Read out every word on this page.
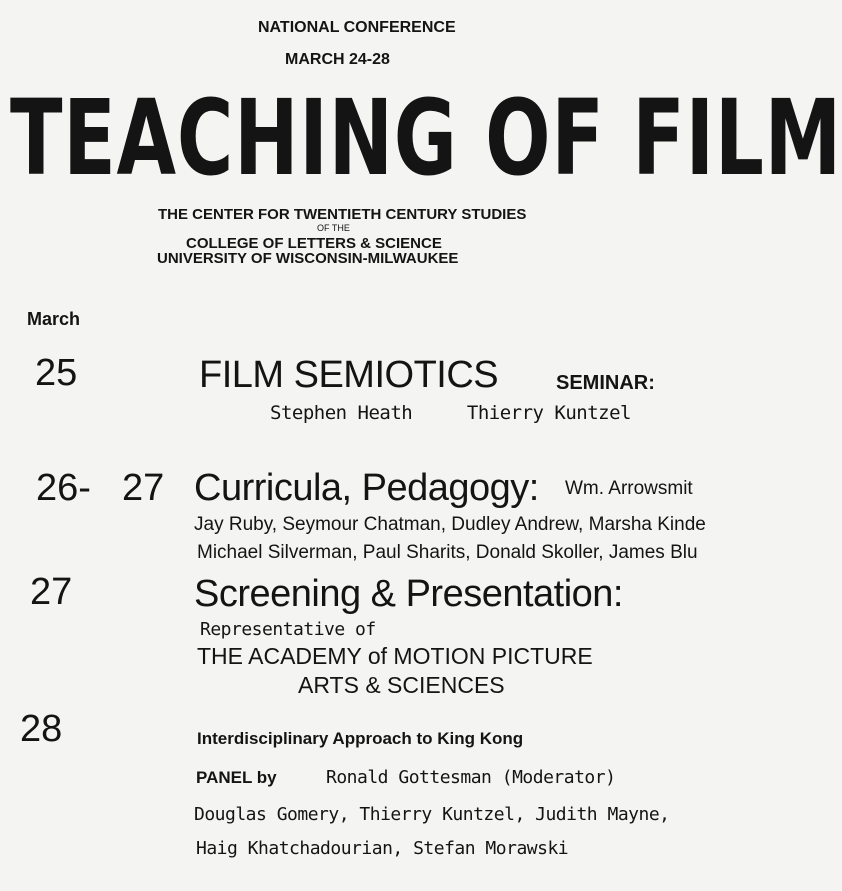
NATIONAL CONFERENCE
MARCH 24-28
TEACHING OF FILM
THE CENTER FOR TWENTIETH CENTURY STUDIES
OF THE
COLLEGE OF LETTERS & SCIENCE
UNIVERSITY OF WISCONSIN-MILWAUKEE
March
25	FILM SEMIOTICS	SEMINAR:
Stephen Heath     Thierry Kuntzel
26- 27 Curricula, Pedagogy: Wm. Arrowsmit
Jay Ruby, Seymour Chatman, Dudley Andrew, Marsha Kinde
Michael Silverman, Paul Sharits, Donald Skoller, James Blu
27	Screening & Presentation:
Representative of
THE ACADEMY of MOTION PICTURE
ARTS & SCIENCES
28	Interdisciplinary Approach to King Kong
PANEL by	Ronald Gottesman (Moderator)
Douglas Gomery, Thierry Kuntzel, Judith Mayne,
Haig Khatchadourian, Stefan Morawski
